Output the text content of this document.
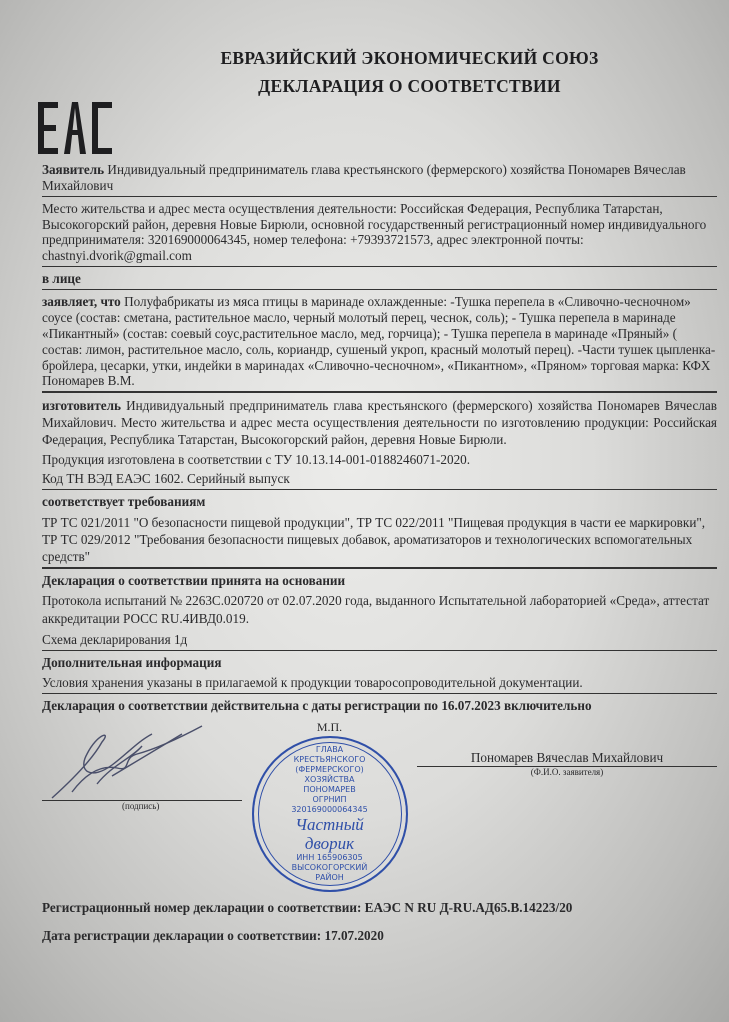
ЕВРАЗИЙСКИЙ ЭКОНОМИЧЕСКИЙ СОЮЗ
ДЕКЛАРАЦИЯ О СООТВЕТСТВИИ
Заявитель Индивидуальный предприниматель глава крестьянского (фермерского) хозяйства Пономарев Вячеслав Михайлович
Место жительства и адрес места осуществления деятельности: Российская Федерация, Республика Татарстан, Высокогорский район, деревня Новые Бирюли, основной государственный регистрационный номер индивидуального предпринимателя: 320169000064345, номер телефона: +79393721573, адрес электронной почты: chastnyi.dvorik@gmail.com
в лице
заявляет, что Полуфабрикаты из мяса птицы в маринаде охлажденные: -Тушка перепела в «Сливочно-чесночном» соусе (состав: сметана, растительное масло, черный молотый перец, чеснок, соль); - Тушка перепела в маринаде «Пикантный» (состав: соевый соус,растительное масло, мед, горчица); - Тушка перепела в маринаде «Пряный» ( состав: лимон, растительное масло, соль, кориандр, сушеный укроп, красный молотый перец). -Части тушек цыпленка-бройлера, цесарки, утки, индейки в маринадах «Сливочно-чесночном», «Пикантном», «Пряном» торговая марка: КФХ Пономарев В.М.
изготовитель Индивидуальный предприниматель глава крестьянского (фермерского) хозяйства Пономарев Вячеслав Михайлович. Место жительства и адрес места осуществления деятельности по изготовлению продукции: Российская Федерация, Республика Татарстан, Высокогорский район, деревня Новые Бирюли.
Продукция изготовлена в соответствии с ТУ 10.13.14-001-0188246071-2020.
Код ТН ВЭД ЕАЭС 1602. Серийный выпуск
соответствует требованиям
ТР ТС 021/2011 "О безопасности пищевой продукции", ТР ТС 022/2011 "Пищевая продукция в части ее маркировки", ТР ТС 029/2012 "Требования безопасности пищевых добавок, ароматизаторов и технологических вспомогательных средств"
Декларация о соответствии принята на основании
Протокола испытаний № 2263С.020720 от 02.07.2020 года, выданного Испытательной лабораторией «Среда», аттестат аккредитации РОСС RU.4ИВД0.019.
Схема декларирования 1д
Дополнительная информация
Условия хранения указаны в прилагаемой к продукции товаросопроводительной документации.
Декларация о соответствии действительна с даты регистрации по 16.07.2023 включительно
(подпись)
М.П.
ГЛАВА КРЕСТЬЯНСКОГО (ФЕРМЕРСКОГО) ХОЗЯЙСТВА ПОНОМАРЕВ
ОГРНИП 320169000064345
Частный
дворик
ИНН 165906305
ВЫСОКОГОРСКИЙ РАЙОН
Пономарев Вячеслав Михайлович
(Ф.И.О. заявителя)
Регистрационный номер декларации о соответствии: ЕАЭС N RU Д-RU.АД65.В.14223/20
Дата регистрации декларации о соответствии: 17.07.2020
